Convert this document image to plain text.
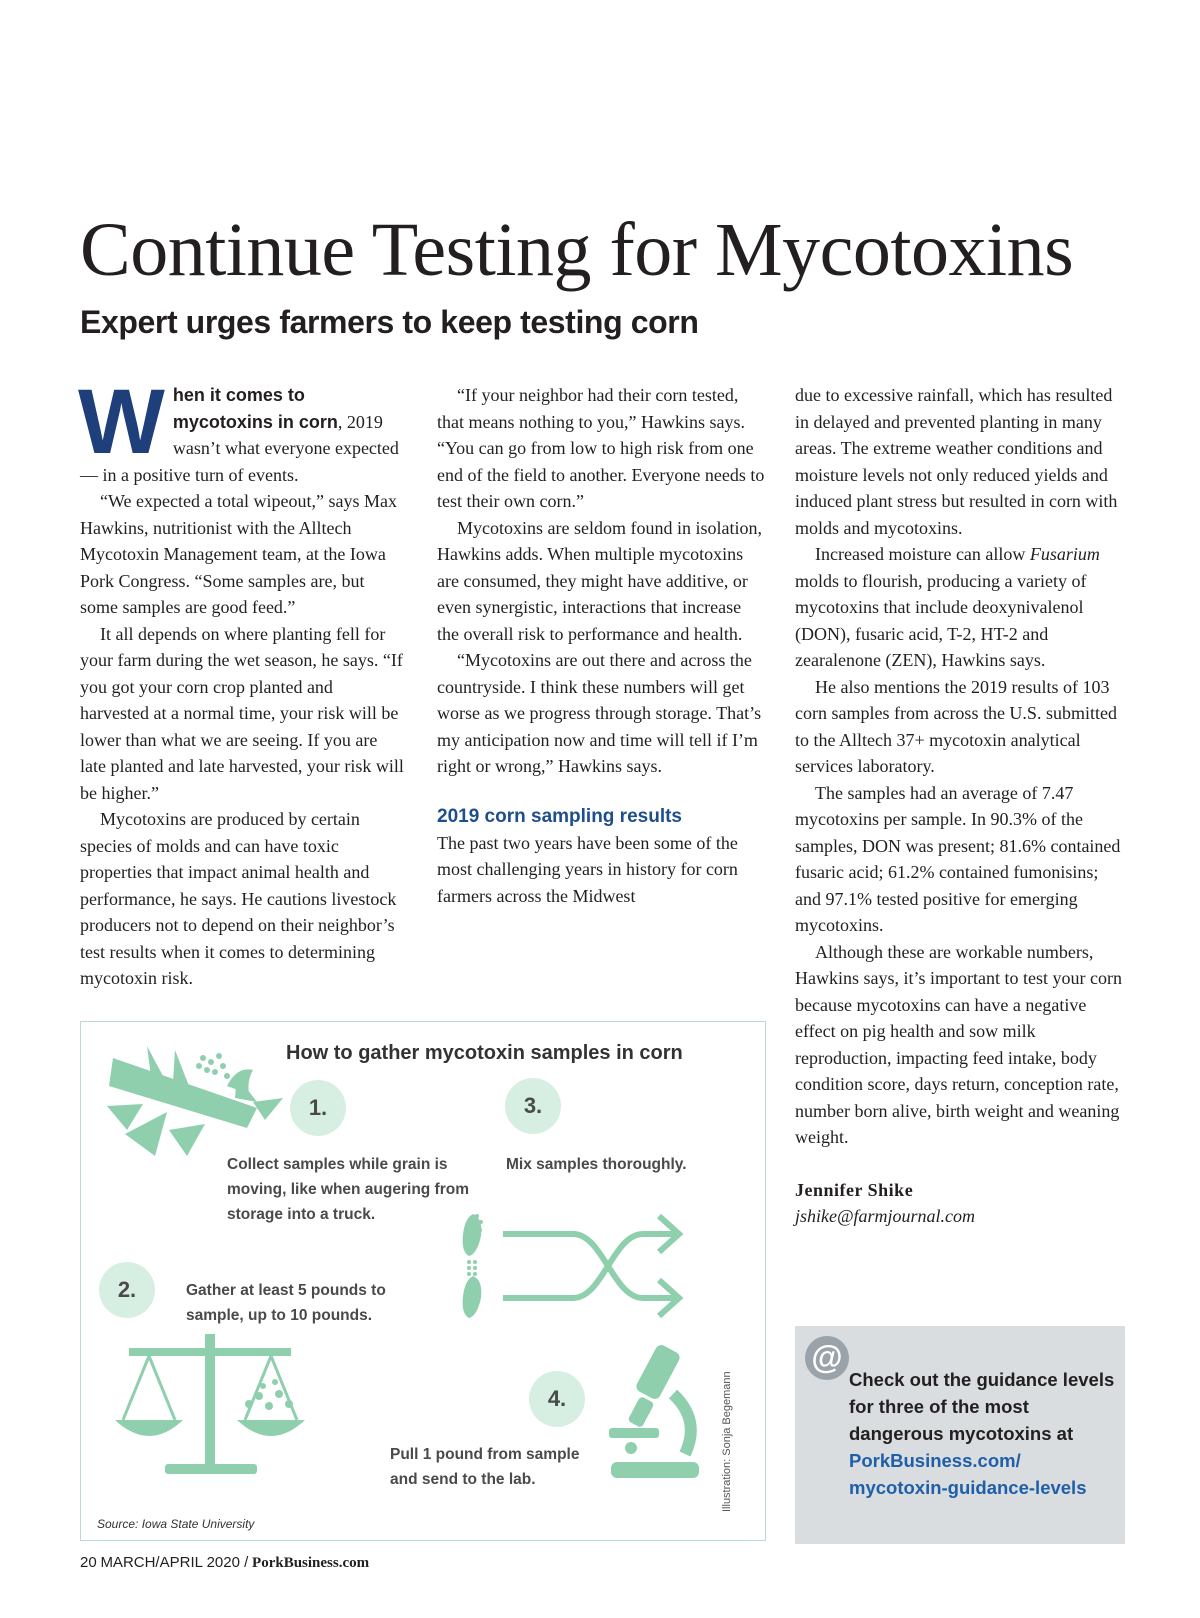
Continue Testing for Mycotoxins
Expert urges farmers to keep testing corn

When it comes to mycotoxins in corn, 2019 wasn’t what everyone expected — in a positive turn of events.

“We expected a total wipeout,” says Max Hawkins, nutritionist with the Alltech Mycotoxin Management team, at the Iowa Pork Congress. “Some samples are, but some samples are good feed.”

It all depends on where planting fell for your farm during the wet season, he says. “If you got your corn crop planted and harvested at a normal time, your risk will be lower than what we are seeing. If you are late planted and late harvested, your risk will be higher.”

Mycotoxins are produced by certain species of molds and can have toxic properties that impact animal health and performance, he says. He cautions livestock producers not to depend on their neighbor’s test results when it comes to determining mycotoxin risk.

“If your neighbor had their corn tested, that means nothing to you,” Hawkins says. “You can go from low to high risk from one end of the field to another. Everyone needs to test their own corn.”

Mycotoxins are seldom found in isolation, Hawkins adds. When multiple mycotoxins are consumed, they might have additive, or even synergistic, interactions that increase the overall risk to performance and health.

“Mycotoxins are out there and across the countryside. I think these numbers will get worse as we progress through storage. That’s my anticipation now and time will tell if I’m right or wrong,” Hawkins says.

2019 corn sampling results

The past two years have been some of the most challenging years in history for corn farmers across the Midwest

due to excessive rainfall, which has resulted in delayed and prevented planting in many areas. The extreme weather conditions and moisture levels not only reduced yields and induced plant stress but resulted in corn with molds and mycotoxins.

Increased moisture can allow Fusarium molds to flourish, producing a variety of mycotoxins that include deoxynivalenol (DON), fusaric acid, T-2, HT-2 and zearalenone (ZEN), Hawkins says.

He also mentions the 2019 results of 103 corn samples from across the U.S. submitted to the Alltech 37+ mycotoxin analytical services laboratory.

The samples had an average of 7.47 mycotoxins per sample. In 90.3% of the samples, DON was present; 81.6% contained fusaric acid; 61.2% contained fumonisins; and 97.1% tested positive for emerging mycotoxins.

Although these are workable numbers, Hawkins says, it’s important to test your corn because mycotoxins can have a negative effect on pig health and sow milk reproduction, impacting feed intake, body condition score, days return, conception rate, number born alive, birth weight and weaning weight.

Jennifer Shike

jshike@farmjournal.com

How to gather mycotoxin samples in corn
1.
Collect samples while grain is moving, like when augering from storage into a truck.
3.
Mix samples thoroughly.
2.	Gather at least 5 pounds to sample, up to 10 pounds.
4.
Pull 1 pound from sample and send to the lab.
Source: Iowa State University
Illustration: Sonja Begemann
@
Check out the guidance levels for three of the most dangerous mycotoxins at
PorkBusiness.com/
mycotoxin-guidance-levels
20 MARCH/APRIL 2020 / PorkBusiness.com
